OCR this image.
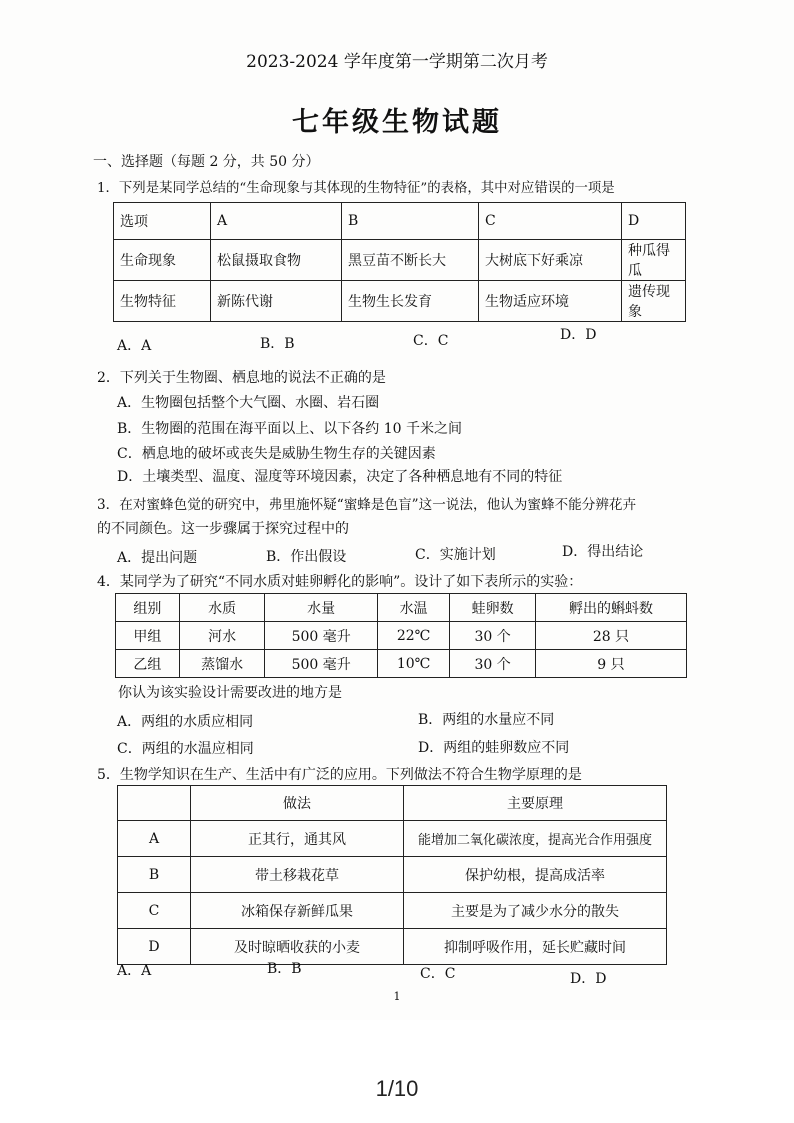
2023-2024 学年度第一学期第二次月考
七年级生物试题
一、选择题（每题 2 分，共 50 分）
1．下列是某同学总结的“生命现象与其体现的生物特征”的表格，其中对应错误的一项是
选项	A	B	C	D
生命现象	松鼠摄取食物	黑豆苗不断长大	大树底下好乘凉	种瓜得瓜
生物特征	新陈代谢	生物生长发育	生物适应环境	遗传现象
A．A	B．B	C．C	D．D
2．下列关于生物圈、栖息地的说法不正确的是
A．生物圈包括整个大气圈、水圈、岩石圈
B．生物圈的范围在海平面以上、以下各约 10 千米之间
C．栖息地的破坏或丧失是威胁生物生存的关键因素
D．土壤类型、温度、湿度等环境因素，决定了各种栖息地有不同的特征
3．在对蜜蜂色觉的研究中，弗里施怀疑“蜜蜂是色盲”这一说法，他认为蜜蜂不能分辨花卉
的不同颜色。这一步骤属于探究过程中的
A．提出问题	B．作出假设	C．实施计划	D．得出结论
4．某同学为了研究“不同水质对蛙卵孵化的影响”。设计了如下表所示的实验：
组别	水质	水量	水温	蛙卵数	孵出的蝌蚪数
甲组	河水	500 毫升	22℃	30 个	28 只
乙组	蒸馏水	500 毫升	10℃	30 个	9 只
你认为该实验设计需要改进的地方是
A．两组的水质应相同	B．两组的水量应不同
C．两组的水温应相同	D．两组的蛙卵数应不同
5．生物学知识在生产、生活中有广泛的应用。下列做法不符合生物学原理的是
	做法	主要原理
A	正其行，通其风	能增加二氧化碳浓度，提高光合作用强度
B	带土移栽花草	保护幼根，提高成活率
C	冰箱保存新鲜瓜果	主要是为了减少水分的散失
D	及时晾晒收获的小麦	抑制呼吸作用，延长贮藏时间
A．A	B．B	C．C	D．D
1
1/10
